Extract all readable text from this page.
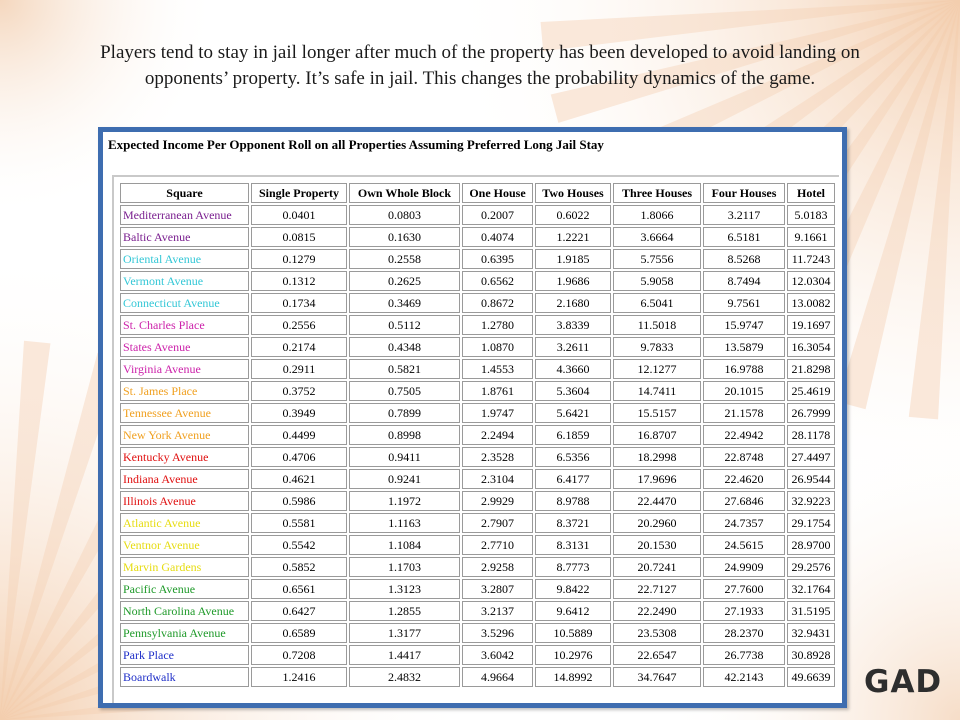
Players tend to stay in jail longer after much of the property has been developed to avoid landing on opponents’ property. It’s safe in jail. This changes the probability dynamics of the game.
Expected Income Per Opponent Roll on all Properties Assuming Preferred Long Jail Stay
Square	Single Property	Own Whole Block	One House	Two Houses	Three Houses	Four Houses	Hotel
Mediterranean Avenue	0.0401	0.0803	0.2007	0.6022	1.8066	3.2117	5.0183
Baltic Avenue	0.0815	0.1630	0.4074	1.2221	3.6664	6.5181	9.1661
Oriental Avenue	0.1279	0.2558	0.6395	1.9185	5.7556	8.5268	11.7243
Vermont Avenue	0.1312	0.2625	0.6562	1.9686	5.9058	8.7494	12.0304
Connecticut Avenue	0.1734	0.3469	0.8672	2.1680	6.5041	9.7561	13.0082
St. Charles Place	0.2556	0.5112	1.2780	3.8339	11.5018	15.9747	19.1697
States Avenue	0.2174	0.4348	1.0870	3.2611	9.7833	13.5879	16.3054
Virginia Avenue	0.2911	0.5821	1.4553	4.3660	12.1277	16.9788	21.8298
St. James Place	0.3752	0.7505	1.8761	5.3604	14.7411	20.1015	25.4619
Tennessee Avenue	0.3949	0.7899	1.9747	5.6421	15.5157	21.1578	26.7999
New York Avenue	0.4499	0.8998	2.2494	6.1859	16.8707	22.4942	28.1178
Kentucky Avenue	0.4706	0.9411	2.3528	6.5356	18.2998	22.8748	27.4497
Indiana Avenue	0.4621	0.9241	2.3104	6.4177	17.9696	22.4620	26.9544
Illinois Avenue	0.5986	1.1972	2.9929	8.9788	22.4470	27.6846	32.9223
Atlantic Avenue	0.5581	1.1163	2.7907	8.3721	20.2960	24.7357	29.1754
Ventnor Avenue	0.5542	1.1084	2.7710	8.3131	20.1530	24.5615	28.9700
Marvin Gardens	0.5852	1.1703	2.9258	8.7773	20.7241	24.9909	29.2576
Pacific Avenue	0.6561	1.3123	3.2807	9.8422	22.7127	27.7600	32.1764
North Carolina Avenue	0.6427	1.2855	3.2137	9.6412	22.2490	27.1933	31.5195
Pennsylvania Avenue	0.6589	1.3177	3.5296	10.5889	23.5308	28.2370	32.9431
Park Place	0.7208	1.4417	3.6042	10.2976	22.6547	26.7738	30.8928
Boardwalk	1.2416	2.4832	4.9664	14.8992	34.7647	42.2143	49.6639 GAD
